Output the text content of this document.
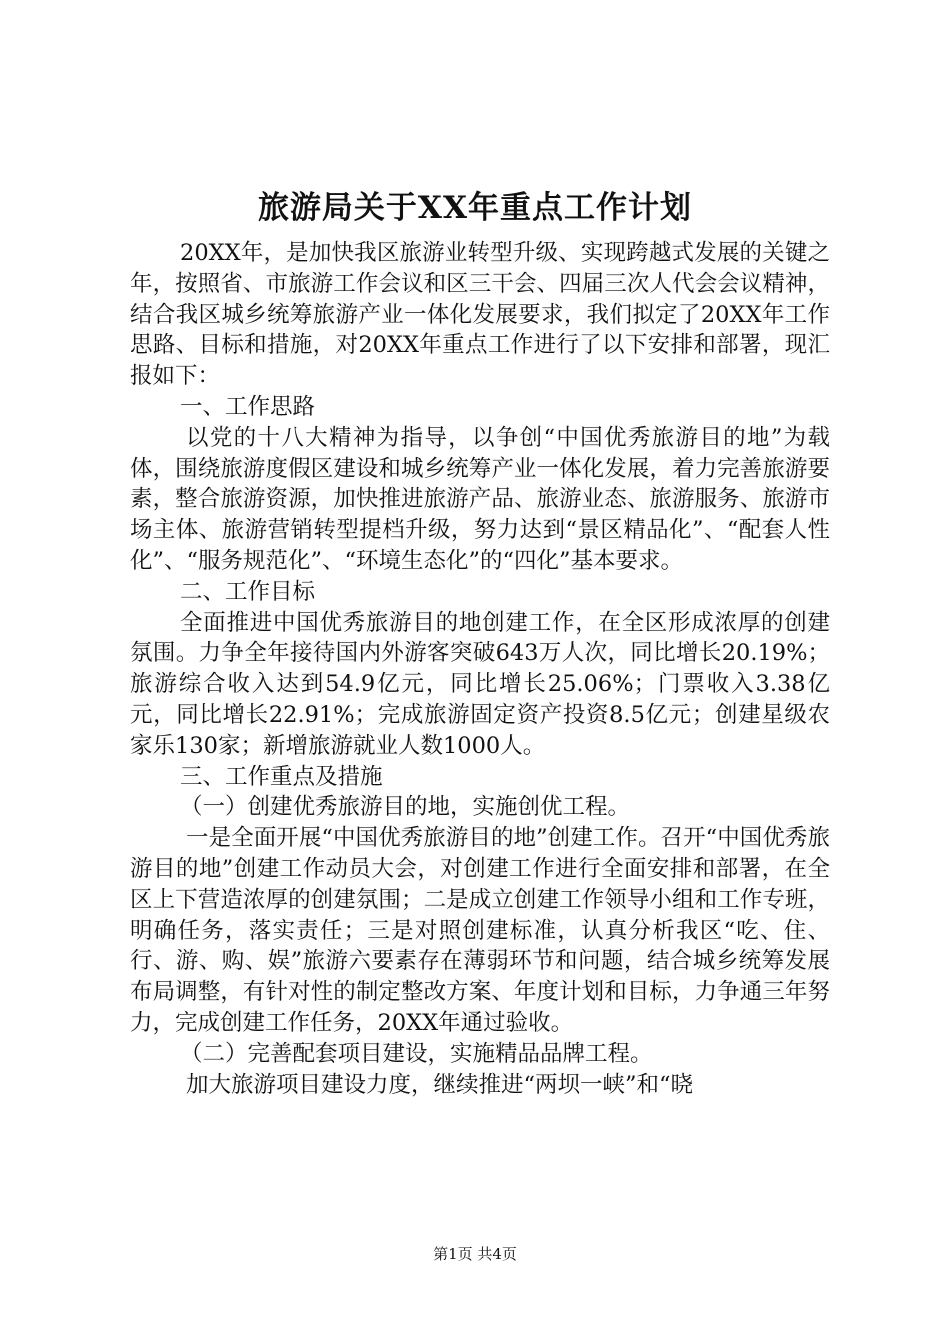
旅游局关于XX年重点工作计划

20XX年，是加快我区旅游业转型升级、实现跨越式发展的关键之年，按照省、市旅游工作会议和区三干会、四届三次人代会会议精神，结合我区城乡统筹旅游产业一体化发展要求，我们拟定了20XX年工作思路、目标和措施，对20XX年重点工作进行了以下安排和部署，现汇报如下：

一、工作思路

以党的十八大精神为指导，以争创“中国优秀旅游目的地”为载体，围绕旅游度假区建设和城乡统筹产业一体化发展，着力完善旅游要素，整合旅游资源，加快推进旅游产品、旅游业态、旅游服务、旅游市场主体、旅游营销转型提档升级，努力达到“景区精品化”、“配套人性化”、“服务规范化”、“环境生态化”的“四化”基本要求。

二、工作目标

全面推进中国优秀旅游目的地创建工作，在全区形成浓厚的创建氛围。力争全年接待国内外游客突破643万人次，同比增长20.19%；旅游综合收入达到54.9亿元，同比增长25.06%；门票收入3.38亿元，同比增长22.91%；完成旅游固定资产投资8.5亿元；创建星级农家乐130家；新增旅游就业人数1000人。

三、工作重点及措施

（一）创建优秀旅游目的地，实施创优工程。

一是全面开展“中国优秀旅游目的地”创建工作。召开“中国优秀旅游目的地”创建工作动员大会，对创建工作进行全面安排和部署，在全区上下营造浓厚的创建氛围；二是成立创建工作领导小组和工作专班，明确任务，落实责任；三是对照创建标准，认真分析我区“吃、住、行、游、购、娱”旅游六要素存在薄弱环节和问题，结合城乡统筹发展布局调整，有针对性的制定整改方案、年度计划和目标，力争通三年努力，完成创建工作任务，20XX年通过验收。

（二）完善配套项目建设，实施精品品牌工程。

加大旅游项目建设力度，继续推进“两坝一峡”和“晓

第1页 共4页
